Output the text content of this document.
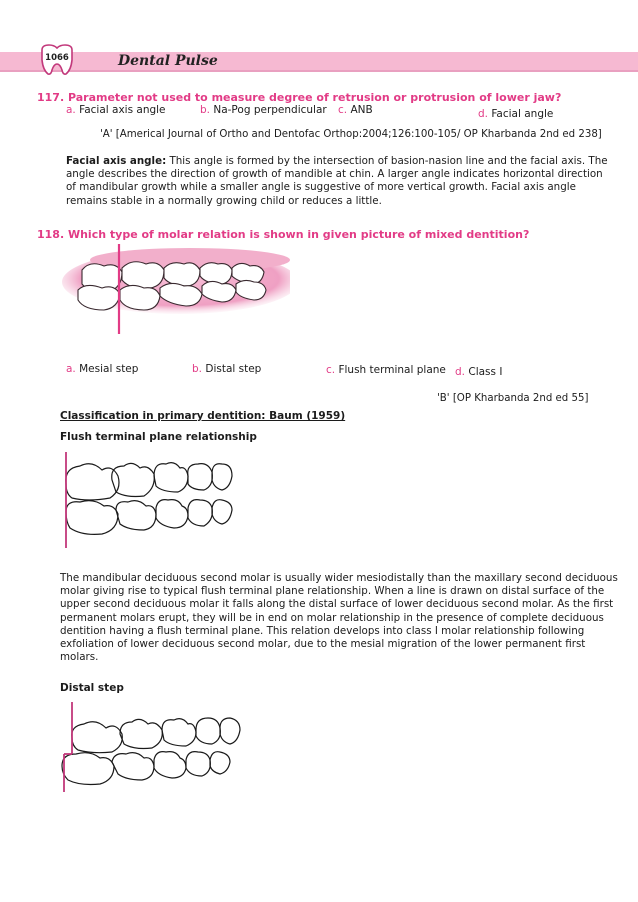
1066	Dental Pulse
117. Parameter not used to measure degree of retrusion or protrusion of lower jaw?
a. Facial axis angle	b. Na-Pog perpendicular c. ANB	d. Facial angle
'A' [Americal Journal of Ortho and Dentofac Orthop:2004;126:100-105/ OP Kharbanda 2nd ed 238]
Facial axis angle: This angle is formed by the intersection of basion-nasion line and the facial axis. The
angle describes the direction of growth of mandible at chin. A larger angle indicates horizontal direction
of mandibular growth while a smaller angle is suggestive of more vertical growth. Facial axis angle
remains stable in a normally growing child or reduces a little.
118. Which type of molar relation is shown in given picture of mixed dentition?
a. Mesial step	b. Distal step	c. Flush terminal plane d. Class I
'B' [OP Kharbanda 2nd ed 55]
Classification in primary dentition: Baum (1959)
Flush terminal plane relationship
The mandibular deciduous second molar is usually wider mesiodistally than the maxillary second deciduous
molar giving rise to typical flush terminal plane relationship. When a line is drawn on distal surface of the
upper second deciduous molar it falls along the distal surface of lower deciduous second molar. As the first
permanent molars erupt, they will be in end on molar relationship in the presence of complete deciduous
dentition having a flush terminal plane. This relation develops into class I molar relationship following
exfoliation of lower deciduous second molar, due to the mesial migration of the lower permanent first
molars.
Distal step
